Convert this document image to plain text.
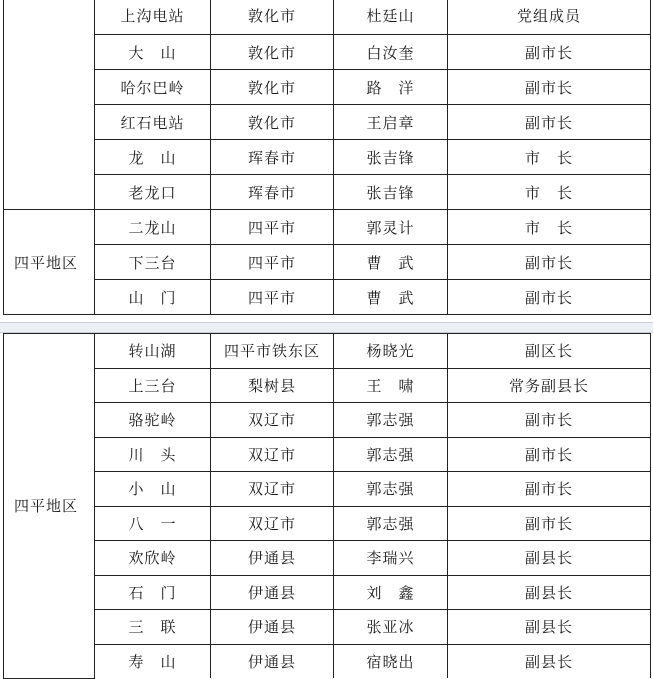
	上沟电站	敦化市	杜廷山	党组成员
	大　山	敦化市	白汝奎	副市长
	哈尔巴岭	敦化市	路　洋	副市长
	红石电站	敦化市	王启章	副市长
	龙　山	珲春市	张吉锋	市　长
	老龙口	珲春市	张吉锋	市　长
四平地区	二龙山	四平市	郭灵计	市　长
	下三台	四平市	曹　武	副市长
	山　门	四平市	曹　武	副市长
四平地区	转山湖	四平市铁东区	杨晓光	副区长
	上三台	梨树县	王　啸	常务副县长
	骆驼岭	双辽市	郭志强	副市长
	川　头	双辽市	郭志强	副市长
	小　山	双辽市	郭志强	副市长
	八　一	双辽市	郭志强	副市长
	欢欣岭	伊通县	李瑞兴	副县长
	石　门	伊通县	刘　鑫	副县长
	三　联	伊通县	张亚冰	副县长
	寿　山	伊通县	宿晓出	副县长
